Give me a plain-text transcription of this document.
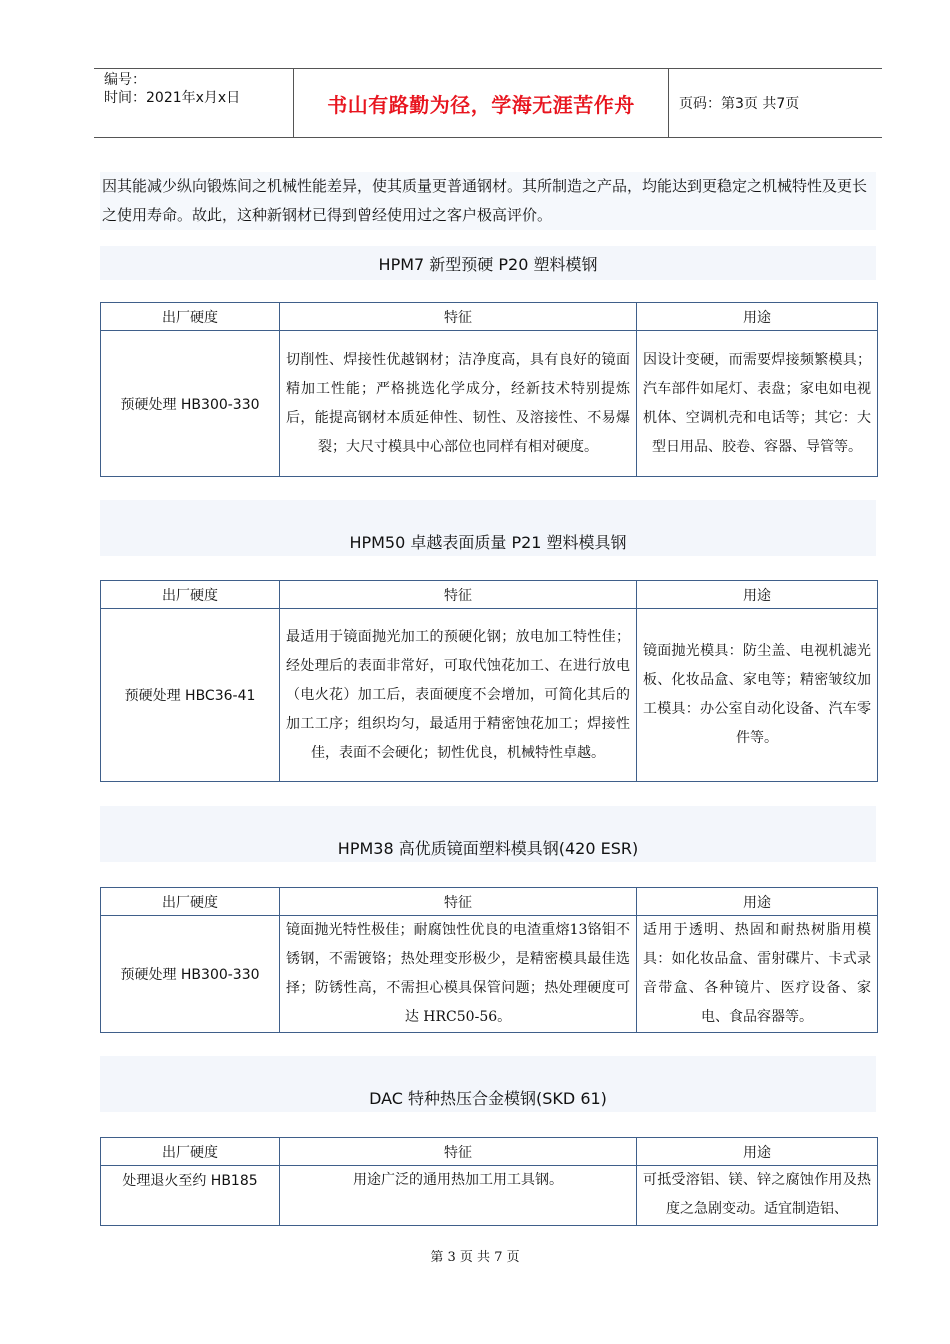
编号：
时间：2021年x月x日	书山有路勤为径，学海无涯苦作舟	页码：第3页 共7页
因其能减少纵向锻炼间之机械性能差异，使其质量更普通钢材。其所制造之产品，均能达到更稳定之机械特性及更长之使用寿命。故此，这种新钢材已得到曾经使用过之客户极高评价。
HPM7 新型预硬 P20 塑料模钢
出厂硬度	特征	用途
预硬处理 HB300-330	切削性、焊接性优越钢材；洁净度高，具有良好的镜面精加工性能；严格挑选化学成分，经新技术特别提炼后，能提高钢材本质延伸性、韧性、及溶接性、不易爆裂；大尺寸模具中心部位也同样有相对硬度。	因设计变硬，而需要焊接频繁模具；汽车部件如尾灯、表盘；家电如电视机体、空调机壳和电话等；其它：大型日用品、胶卷、容器、导管等。
HPM50 卓越表面质量 P21 塑料模具钢
出厂硬度	特征	用途
预硬处理 HBC36-41	最适用于镜面抛光加工的预硬化钢；放电加工特性佳；经处理后的表面非常好，可取代蚀花加工、在进行放电（电火花）加工后，表面硬度不会增加，可简化其后的加工工序；组织均匀，最适用于精密蚀花加工；焊接性佳，表面不会硬化；韧性优良，机械特性卓越。	镜面抛光模具：防尘盖、电视机滤光板、化妆品盒、家电等；精密皱纹加工模具：办公室自动化设备、汽车零件等。
HPM38 高优质镜面塑料模具钢(420 ESR)
出厂硬度	特征	用途
预硬处理 HB300-330	镜面抛光特性极佳；耐腐蚀性优良的电渣重熔13铬钼不锈钢，不需镀铬；热处理变形极少，是精密模具最佳选择；防锈性高，不需担心模具保管问题；热处理硬度可达 HRC50-56。	适用于透明、热固和耐热树脂用模具：如化妆品盒、雷射碟片、卡式录音带盒、各种镜片、医疗设备、家电、食品容器等。
DAC 特种热压合金模钢(SKD 61)
出厂硬度	特征	用途
处理退火至约 HB185	用途广泛的通用热加工用工具钢。	可抵受溶铝、镁、锌之腐蚀作用及热度之急剧变动。适宜制造铝、
第 3 页 共 7 页
